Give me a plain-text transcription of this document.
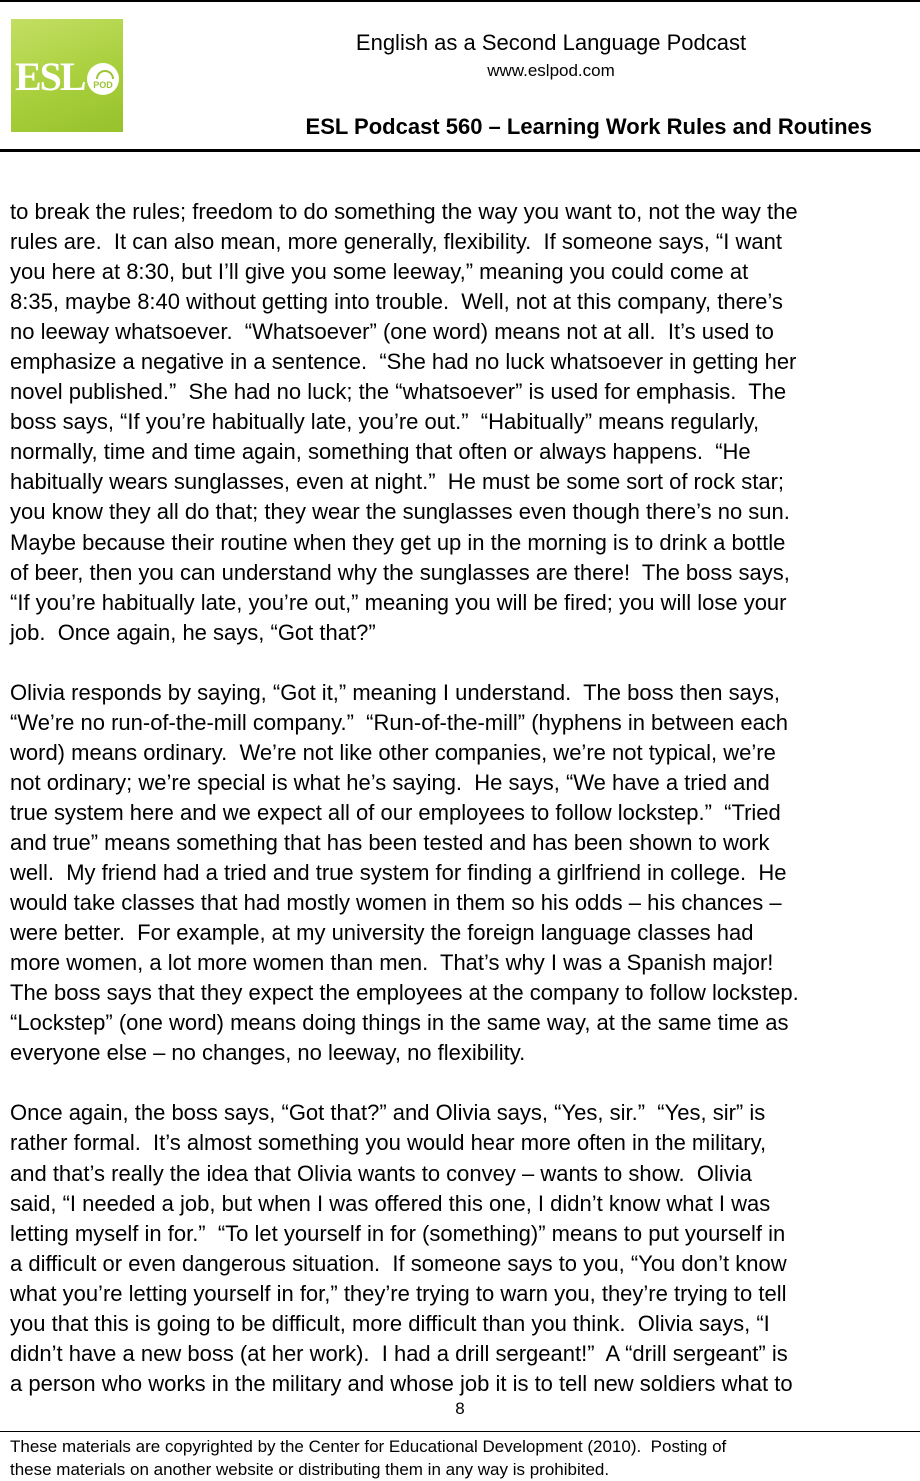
ESL POD
English as a Second Language Podcast
www.eslpod.com
ESL Podcast 560 – Learning Work Rules and Routines
to break the rules; freedom to do something the way you want to, not the way the
rules are.  It can also mean, more generally, flexibility.  If someone says, “I want
you here at 8:30, but I’ll give you some leeway,” meaning you could come at
8:35, maybe 8:40 without getting into trouble.  Well, not at this company, there’s
no leeway whatsoever.  “Whatsoever” (one word) means not at all.  It’s used to
emphasize a negative in a sentence.  “She had no luck whatsoever in getting her
novel published.”  She had no luck; the “whatsoever” is used for emphasis.  The
boss says, “If you’re habitually late, you’re out.”  “Habitually” means regularly,
normally, time and time again, something that often or always happens.  “He
habitually wears sunglasses, even at night.”  He must be some sort of rock star;
you know they all do that; they wear the sunglasses even though there’s no sun.
Maybe because their routine when they get up in the morning is to drink a bottle
of beer, then you can understand why the sunglasses are there!  The boss says,
“If you’re habitually late, you’re out,” meaning you will be fired; you will lose your
job.  Once again, he says, “Got that?”

Olivia responds by saying, “Got it,” meaning I understand.  The boss then says,
“We’re no run-of-the-mill company.”  “Run-of-the-mill” (hyphens in between each
word) means ordinary.  We’re not like other companies, we’re not typical, we’re
not ordinary; we’re special is what he’s saying.  He says, “We have a tried and
true system here and we expect all of our employees to follow lockstep.”  “Tried
and true” means something that has been tested and has been shown to work
well.  My friend had a tried and true system for finding a girlfriend in college.  He
would take classes that had mostly women in them so his odds – his chances –
were better.  For example, at my university the foreign language classes had
more women, a lot more women than men.  That’s why I was a Spanish major!
The boss says that they expect the employees at the company to follow lockstep.
“Lockstep” (one word) means doing things in the same way, at the same time as
everyone else – no changes, no leeway, no flexibility.

Once again, the boss says, “Got that?” and Olivia says, “Yes, sir.”  “Yes, sir” is
rather formal.  It’s almost something you would hear more often in the military,
and that’s really the idea that Olivia wants to convey – wants to show.  Olivia
said, “I needed a job, but when I was offered this one, I didn’t know what I was
letting myself in for.”  “To let yourself in for (something)” means to put yourself in
a difficult or even dangerous situation.  If someone says to you, “You don’t know
what you’re letting yourself in for,” they’re trying to warn you, they’re trying to tell
you that this is going to be difficult, more difficult than you think.  Olivia says, “I
didn’t have a new boss (at her work).  I had a drill sergeant!”  A “drill sergeant” is
a person who works in the military and whose job it is to tell new soldiers what to
8
These materials are copyrighted by the Center for Educational Development (2010).  Posting of
these materials on another website or distributing them in any way is prohibited.
